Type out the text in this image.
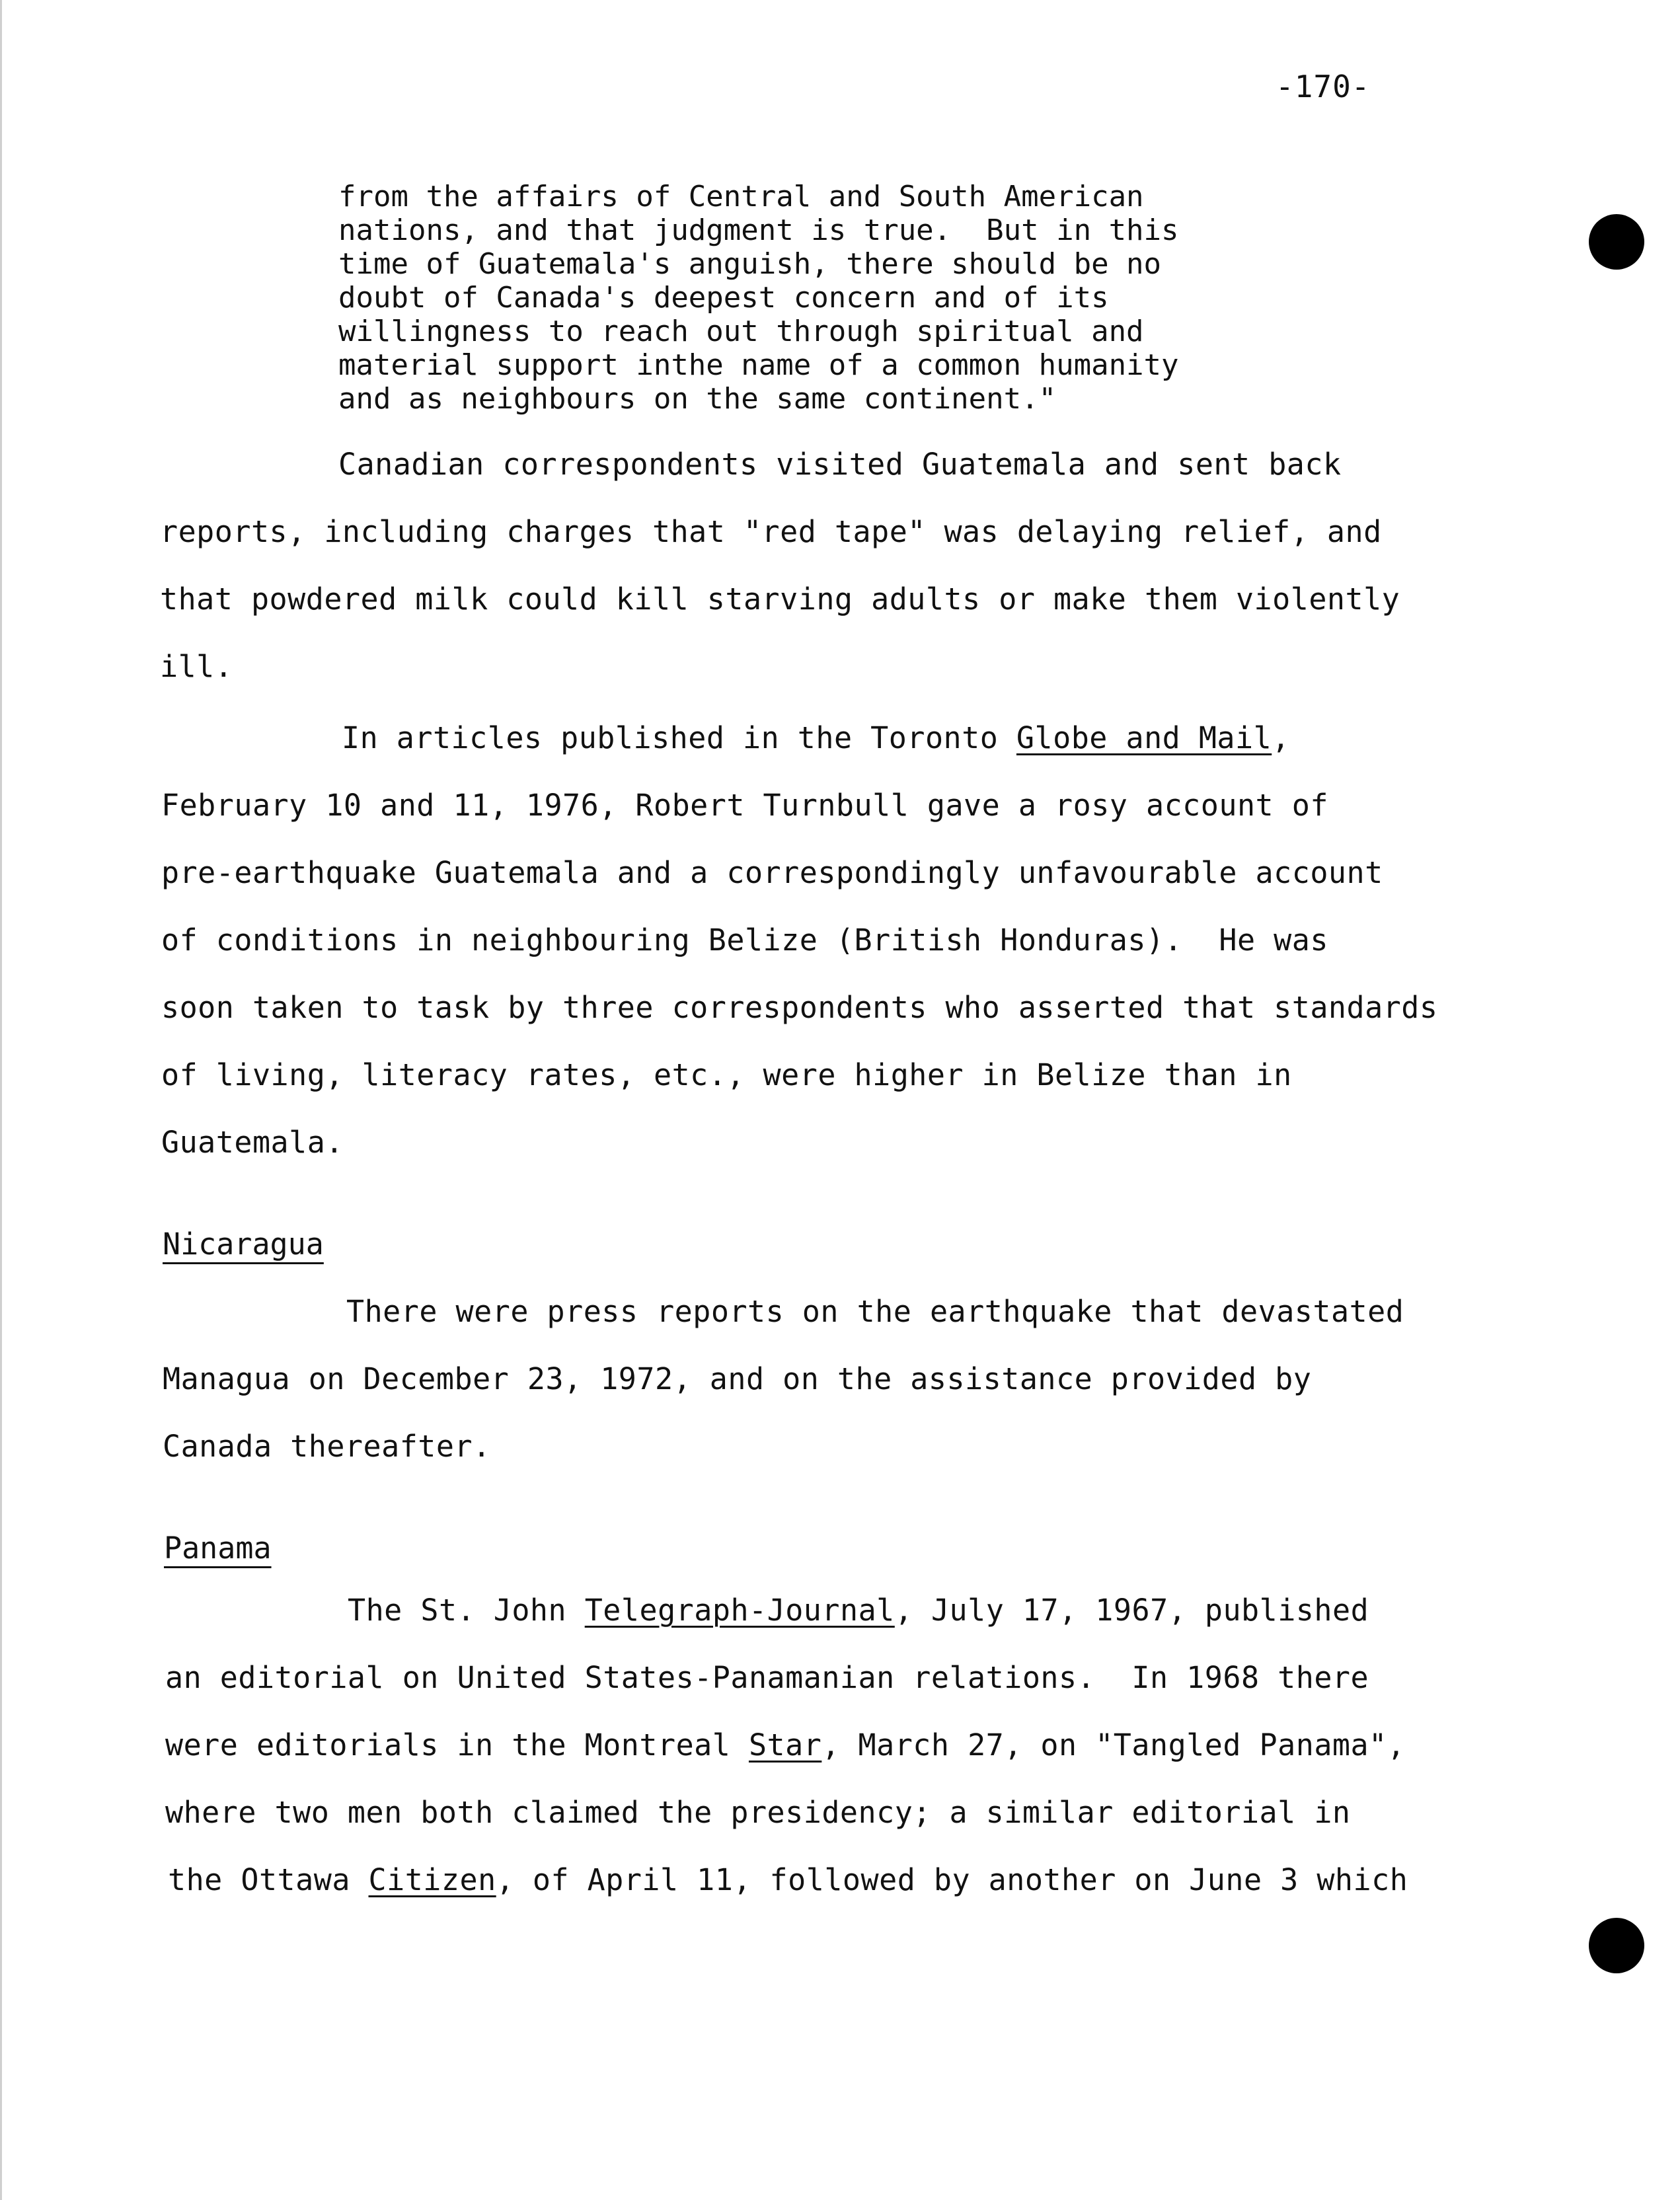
-170-
from the affairs of Central and South American
nations, and that judgment is true.  But in this
time of Guatemala's anguish, there should be no
doubt of Canada's deepest concern and of its
willingness to reach out through spiritual and
material support inthe name of a common humanity
and as neighbours on the same continent."
Canadian correspondents visited Guatemala and sent back
reports, including charges that "red tape" was delaying relief, and
that powdered milk could kill starving adults or make them violently
ill.
In articles published in the Toronto Globe and Mail,
February 10 and 11, 1976, Robert Turnbull gave a rosy account of
pre-earthquake Guatemala and a correspondingly unfavourable account
of conditions in neighbouring Belize (British Honduras).  He was
soon taken to task by three correspondents who asserted that standards
of living, literacy rates, etc., were higher in Belize than in
Guatemala.
Nicaragua
There were press reports on the earthquake that devastated
Managua on December 23, 1972, and on the assistance provided by
Canada thereafter.
Panama
The St. John Telegraph-Journal, July 17, 1967, published
an editorial on United States-Panamanian relations.  In 1968 there
were editorials in the Montreal Star, March 27, on "Tangled Panama",
where two men both claimed the presidency; a similar editorial in
the Ottawa Citizen, of April 11, followed by another on June 3 which
